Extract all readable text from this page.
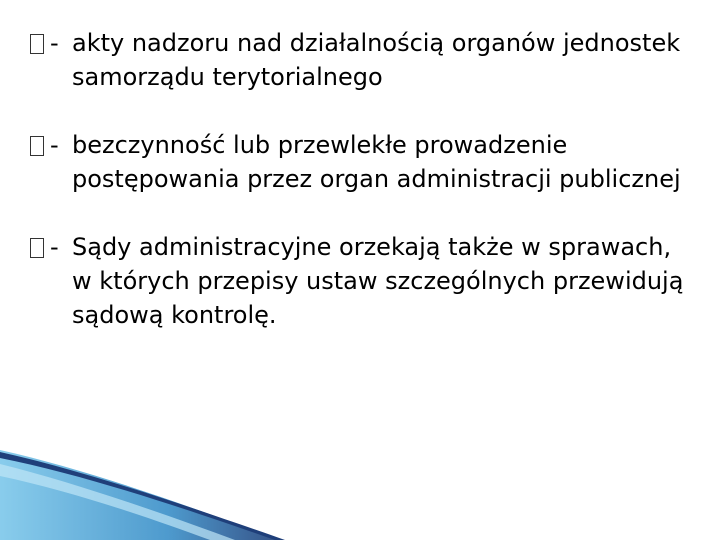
- akty nadzoru nad działalnością organów jednostek samorządu terytorialnego
- bezczynność lub przewlekłe prowadzenie postępowania przez organ administracji publicznej
- Sądy administracyjne orzekają także w sprawach, w których przepisy ustaw szczególnych przewidują sądową kontrolę.
